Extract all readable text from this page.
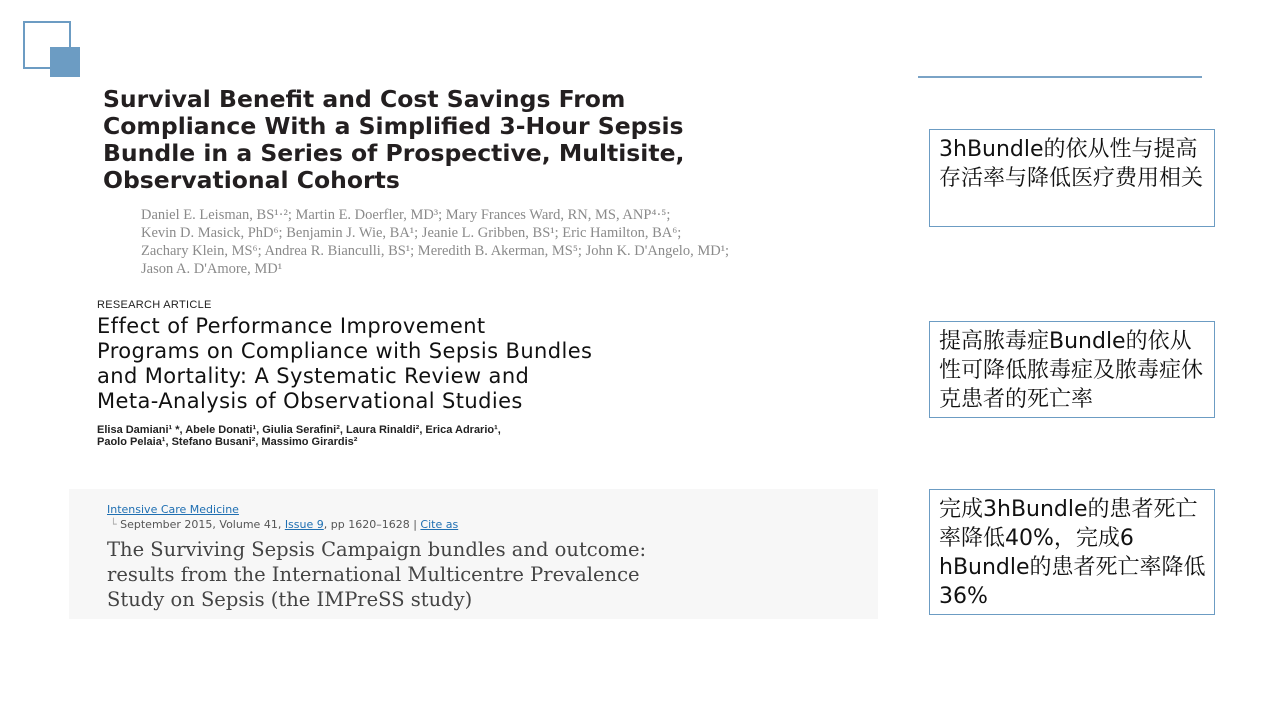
Survival Benefit and Cost Savings From
Compliance With a Simplified 3-Hour Sepsis
Bundle in a Series of Prospective, Multisite,
Observational Cohorts
Daniel E. Leisman, BS¹·²; Martin E. Doerfler, MD³; Mary Frances Ward, RN, MS, ANP⁴·⁵;
Kevin D. Masick, PhD⁶; Benjamin J. Wie, BA¹; Jeanie L. Gribben, BS¹; Eric Hamilton, BA⁶;
Zachary Klein, MS⁶; Andrea R. Bianculli, BS¹; Meredith B. Akerman, MS⁵; John K. D'Angelo, MD¹;
Jason A. D'Amore, MD¹
RESEARCH ARTICLE
Effect of Performance Improvement
Programs on Compliance with Sepsis Bundles
and Mortality: A Systematic Review and
Meta-Analysis of Observational Studies
Elisa Damiani¹ *, Abele Donati¹, Giulia Serafini², Laura Rinaldi², Erica Adrario¹,
Paolo Pelaia¹, Stefano Busani², Massimo Girardis²
Intensive Care Medicine
└ September 2015, Volume 41, Issue 9, pp 1620–1628 | Cite as
The Surviving Sepsis Campaign bundles and outcome:
results from the International Multicentre Prevalence
Study on Sepsis (the IMPreSS study)
3hBundle的依从性与提高存活率与降低医疗费用相关
提高脓毒症Bundle的依从性可降低脓毒症及脓毒症休克患者的死亡率
完成3hBundle的患者死亡率降低40%，完成6 hBundle的患者死亡率降低36%
